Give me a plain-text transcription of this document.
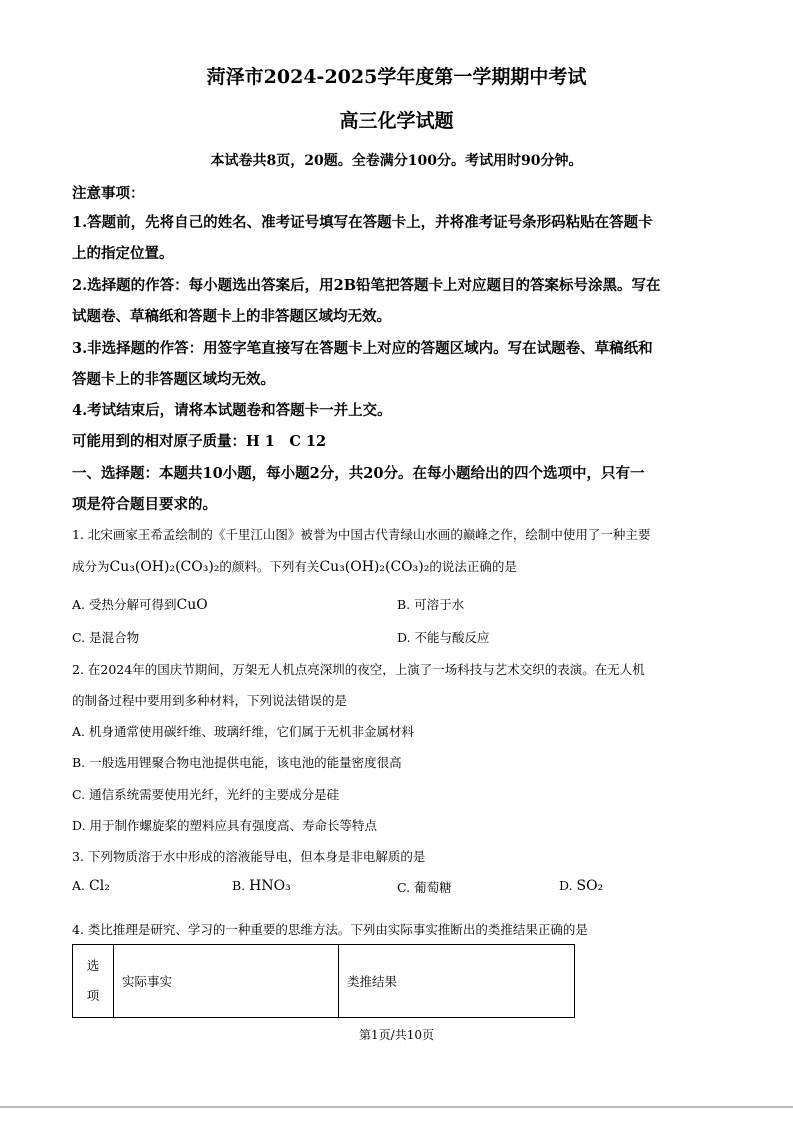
菏泽市2024-2025学年度第一学期期中考试
高三化学试题
本试卷共8页，20题。全卷满分100分。考试用时90分钟。
注意事项：
1.答题前，先将自己的姓名、准考证号填写在答题卡上，并将准考证号条形码粘贴在答题卡
上的指定位置。
2.选择题的作答：每小题选出答案后，用2B铅笔把答题卡上对应题目的答案标号涂黑。写在
试题卷、草稿纸和答题卡上的非答题区域均无效。
3.非选择题的作答：用签字笔直接写在答题卡上对应的答题区域内。写在试题卷、草稿纸和
答题卡上的非答题区域均无效。
4.考试结束后，请将本试题卷和答题卡一并上交。
可能用到的相对原子质量：H 1　C 12
一、选择题：本题共10小题，每小题2分，共20分。在每小题给出的四个选项中，只有一
项是符合题目要求的。
1. 北宋画家王希孟绘制的《千里江山图》被誉为中国古代青绿山水画的巅峰之作，绘制中使用了一种主要
成分为Cu₃(OH)₂(CO₃)₂的颜料。下列有关Cu₃(OH)₂(CO₃)₂的说法正确的是
A. 受热分解可得到CuO	B. 可溶于水
C. 是混合物	D. 不能与酸反应
2. 在2024年的国庆节期间，万架无人机点亮深圳的夜空，上演了一场科技与艺术交织的表演。在无人机
的制备过程中要用到多种材料，下列说法错误的是
A. 机身通常使用碳纤维、玻璃纤维，它们属于无机非金属材料
B. 一般选用锂聚合物电池提供电能，该电池的能量密度很高
C. 通信系统需要使用光纤，光纤的主要成分是硅
D. 用于制作螺旋桨的塑料应具有强度高、寿命长等特点
3. 下列物质溶于水中形成的溶液能导电，但本身是非电解质的是
A. Cl₂	B. HNO₃	C. 葡萄糖	D. SO₂
4. 类比推理是研究、学习的一种重要的思维方法。下列由实际事实推断出的类推结果正确的是
选
项
	实际事实	类推结果
第1页/共10页
